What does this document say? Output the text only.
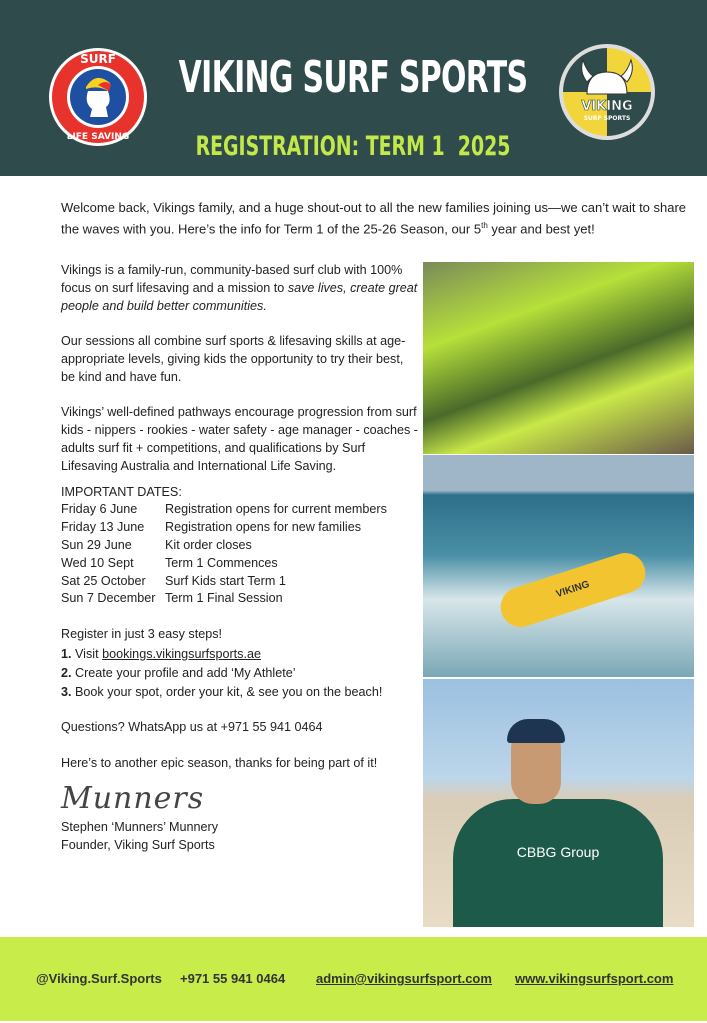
SURF
LIFE SAVING
VIKING SURF SPORTS
REGISTRATION: TERM 1  2025
VIKING
SURF SPORTS
Welcome back, Vikings family, and a huge shout-out to all the new families joining us—we can’t wait to share the waves with you. Here’s the info for Term 1 of the 25-26 Season, our 5th year and best yet!

Vikings is a family-run, community-based surf club with 100% focus on surf lifesaving and a mission to save lives, create great people and build better communities.

Our sessions all combine surf sports & lifesaving skills at age-appropriate levels, giving kids the opportunity to try their best, be kind and have fun.

Vikings’ well-defined pathways encourage progression from surf kids - nippers - rookies - water safety - age manager - coaches - adults surf fit + competitions, and qualifications by Surf Lifesaving Australia and International Life Saving.

IMPORTANT DATES:
Friday 6 June	Registration opens for current members
Friday 13 June	Registration opens for new families
Sun 29 June	Kit order closes
Wed 10 Sept	Term 1 Commences
Sat 25 October	Surf Kids start Term 1
Sun 7 December Term 1 Final Session
Register in just 3 easy steps!
1. Visit bookings.vikingsurfsports.ae
2. Create your profile and add ‘My Athlete’
3. Book your spot, order your kit, & see you on the beach!

Questions? WhatsApp us at +971 55 941 0464

Here’s to another epic season, thanks for being part of it!

Munners
Stephen ‘Munners’ Munnery
Founder, Viking Surf Sports
VIKING
CBBG Group
@Viking.Surf.Sports +971 55 941 0464 admin@vikingsurfsport.com www.vikingsurfsport.com
